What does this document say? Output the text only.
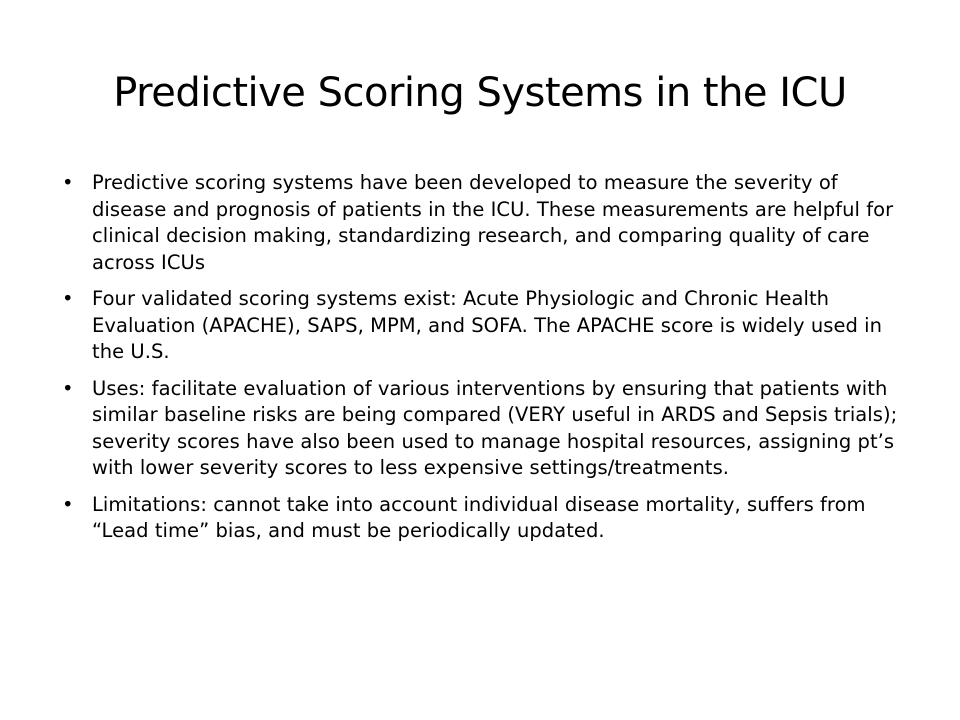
Predictive Scoring Systems in the ICU
• Predictive scoring systems have been developed to measure the severity of disease and prognosis of patients in the ICU. These measurements are helpful for clinical decision making, standardizing research, and comparing quality of care across ICUs
• Four validated scoring systems exist: Acute Physiologic and Chronic Health Evaluation (APACHE), SAPS, MPM, and SOFA. The APACHE score is widely used in the U.S.
• Uses: facilitate evaluation of various interventions by ensuring that patients with similar baseline risks are being compared (VERY useful in ARDS and Sepsis trials); severity scores have also been used to manage hospital resources, assigning pt’s with lower severity scores to less expensive settings/treatments.
• Limitations: cannot take into account individual disease mortality, suffers from “Lead time” bias, and must be periodically updated.
